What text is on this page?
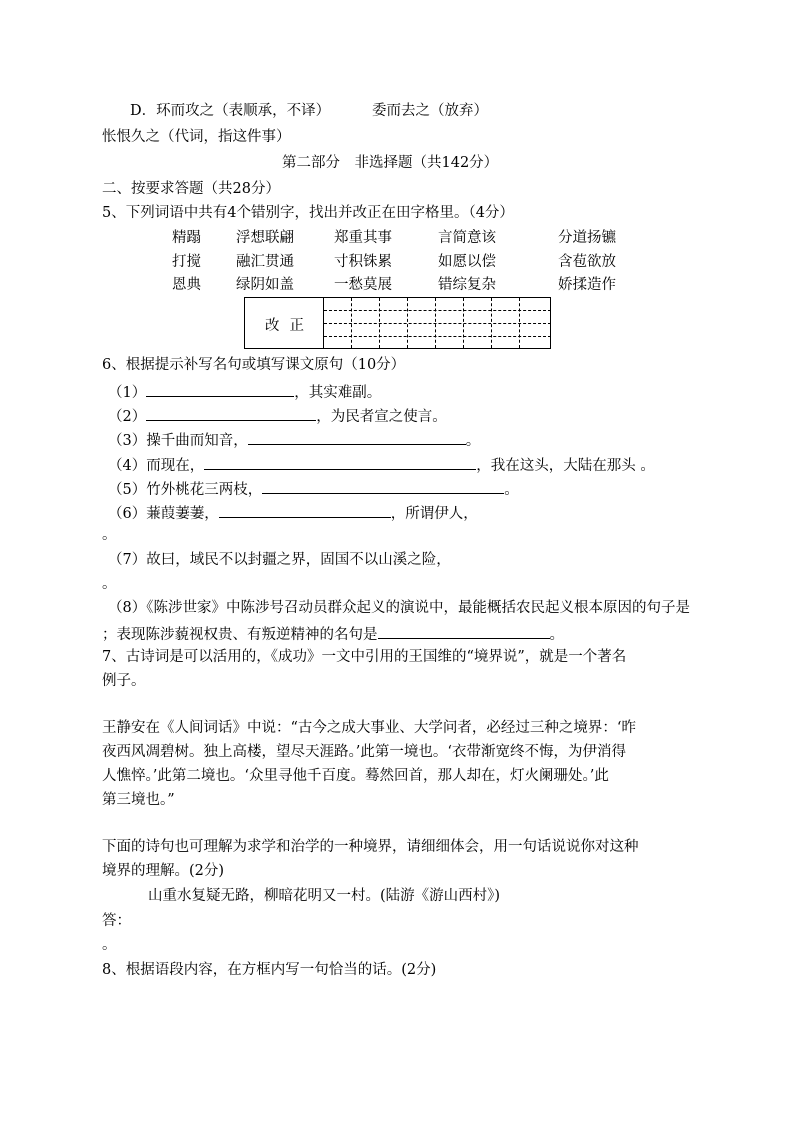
D．环而攻之（表顺承，不译）	委而去之（放弃）
怅恨久之（代词，指这件事）
第二部分　非选择题（共142分）
二、按要求答题（共28分）
5、下列词语中共有4个错别字，找出并改正在田字格里。（4分）
精蹋 浮想联翩	郑重其事	言简意该	分道扬镳
打搅 融汇贯通	寸积铢累	如愿以偿	含苞欲放
恩典 绿阴如盖	一愁莫展	错综复杂	娇揉造作
改正
6、根据提示补写名句或填写课文原句（10分）
（1）	，其实难副。
（2）	，为民者宣之使言。
（3）操千曲而知音，	。
（4）而现在，	，我在这头，大陆在那头 。
（5）竹外桃花三两枝，	。
（6）蒹葭萋萋，	，所谓伊人，
。
（7）故曰，域民不以封疆之界，固国不以山溪之险，
。
（8）《陈涉世家》中陈涉号召动员群众起义的演说中，最能概括农民起义根本原因的句子是
；表现陈涉藐视权贵、有叛逆精神的名句是	。
7、古诗词是可以活用的，《成功》一文中引用的王国维的“境界说”，就是一个著名
例子。
王静安在《人间词话》中说：“古今之成大事业、大学问者，必经过三种之境界：‘昨
夜西风凋碧树。独上高楼，望尽天涯路。’此第一境也。‘衣带渐宽终不悔，为伊消得
人憔悴。’此第二境也。‘众里寻他千百度。蓦然回首，那人却在，灯火阑珊处。’此
第三境也。”
下面的诗句也可理解为求学和治学的一种境界，请细细体会，用一句话说说你对这种
境界的理解。(2分)
山重水复疑无路，柳暗花明又一村。(陆游《游山西村》)
答：
。
8、根据语段内容，在方框内写一句恰当的话。(2分)
